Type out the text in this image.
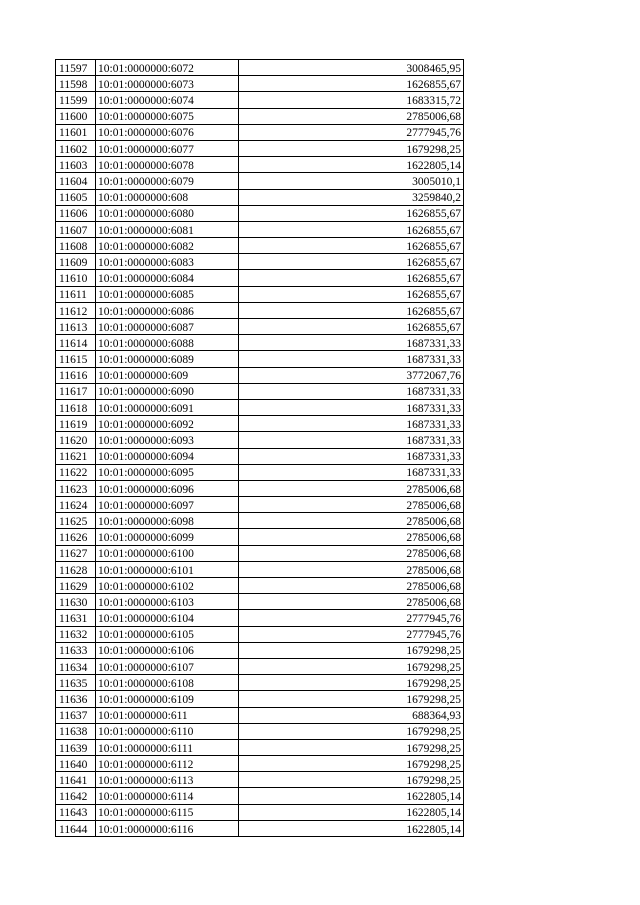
11597	10:01:0000000:6072	3008465,95
11598	10:01:0000000:6073	1626855,67
11599	10:01:0000000:6074	1683315,72
11600	10:01:0000000:6075	2785006,68
11601	10:01:0000000:6076	2777945,76
11602	10:01:0000000:6077	1679298,25
11603	10:01:0000000:6078	1622805,14
11604	10:01:0000000:6079	3005010,1
11605	10:01:0000000:608	3259840,2
11606	10:01:0000000:6080	1626855,67
11607	10:01:0000000:6081	1626855,67
11608	10:01:0000000:6082	1626855,67
11609	10:01:0000000:6083	1626855,67
11610	10:01:0000000:6084	1626855,67
11611	10:01:0000000:6085	1626855,67
11612	10:01:0000000:6086	1626855,67
11613	10:01:0000000:6087	1626855,67
11614	10:01:0000000:6088	1687331,33
11615	10:01:0000000:6089	1687331,33
11616	10:01:0000000:609	3772067,76
11617	10:01:0000000:6090	1687331,33
11618	10:01:0000000:6091	1687331,33
11619	10:01:0000000:6092	1687331,33
11620	10:01:0000000:6093	1687331,33
11621	10:01:0000000:6094	1687331,33
11622	10:01:0000000:6095	1687331,33
11623	10:01:0000000:6096	2785006,68
11624	10:01:0000000:6097	2785006,68
11625	10:01:0000000:6098	2785006,68
11626	10:01:0000000:6099	2785006,68
11627	10:01:0000000:6100	2785006,68
11628	10:01:0000000:6101	2785006,68
11629	10:01:0000000:6102	2785006,68
11630	10:01:0000000:6103	2785006,68
11631	10:01:0000000:6104	2777945,76
11632	10:01:0000000:6105	2777945,76
11633	10:01:0000000:6106	1679298,25
11634	10:01:0000000:6107	1679298,25
11635	10:01:0000000:6108	1679298,25
11636	10:01:0000000:6109	1679298,25
11637	10:01:0000000:611	688364,93
11638	10:01:0000000:6110	1679298,25
11639	10:01:0000000:6111	1679298,25
11640	10:01:0000000:6112	1679298,25
11641	10:01:0000000:6113	1679298,25
11642	10:01:0000000:6114	1622805,14
11643	10:01:0000000:6115	1622805,14
11644	10:01:0000000:6116	1622805,14
